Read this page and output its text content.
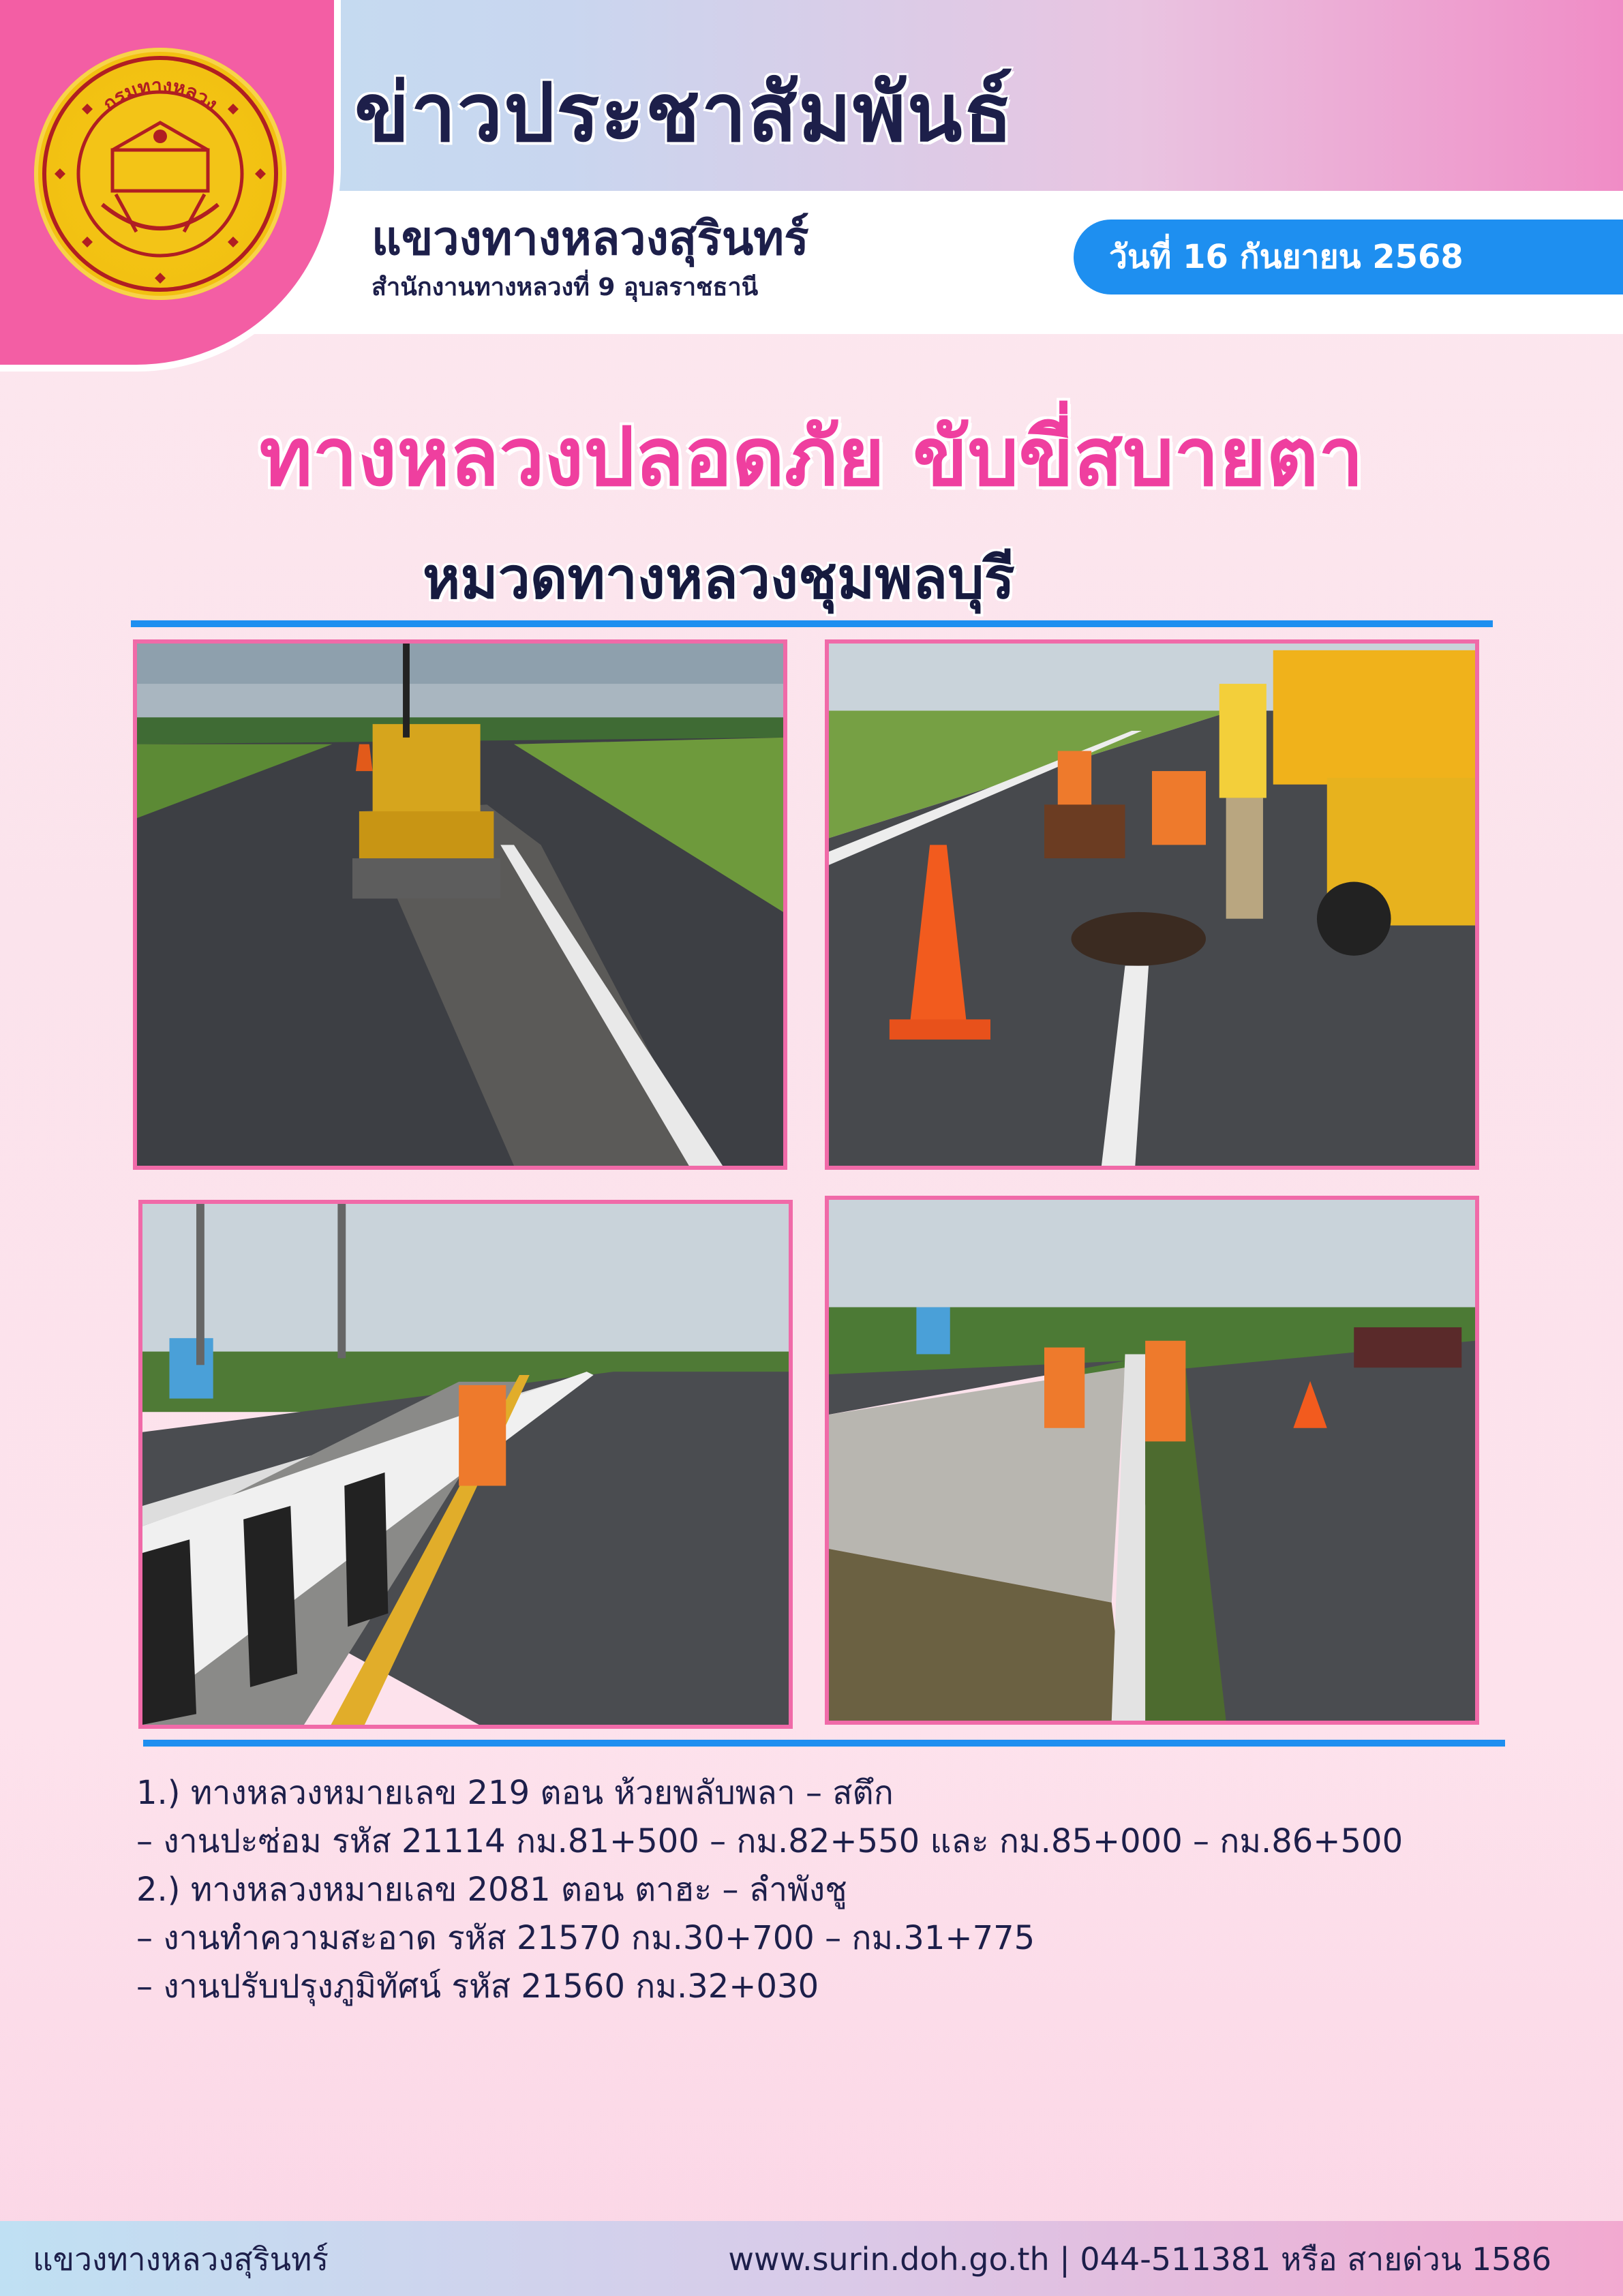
กรมทางหลวง ข่าวประชาสัมพันธ์
แขวงทางหลวงสุรินทร์
สำนักงานทางหลวงที่ 9 อุบลราชธานี
วันที่ 16 กันยายน 2568
ทางหลวงปลอดภัย ขับขี่สบายตา
หมวดทางหลวงชุมพลบุรี
1.) ทางหลวงหมายเลข 219 ตอน ห้วยพลับพลา – สตึก
– งานปะซ่อม รหัส 21114 กม.81+500 – กม.82+550 และ กม.85+000 – กม.86+500
2.) ทางหลวงหมายเลข 2081 ตอน ตาฮะ – ลำพังชู
– งานทำความสะอาด รหัส 21570 กม.30+700 – กม.31+775
– งานปรับปรุงภูมิทัศน์ รหัส 21560 กม.32+030
แขวงทางหลวงสุรินทร์	www.surin.doh.go.th | 044-511381 หรือ สายด่วน 1586
